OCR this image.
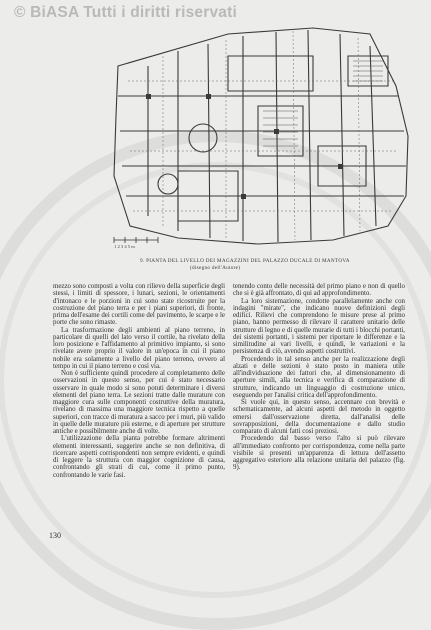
© BiASA Tutti i diritti riservati
1 2 3 4 5 m
9. PIANTA DEL LIVELLO DEI MAGAZZINI DEL PALAZZO DUCALE DI MANTOVA
(disegno dell'Autore)

mezzo sono composti a volta con rilievo della superficie degli stessi, i limiti di spessore, i lunari, sezioni, le orientamenti d'intonaco e le porzioni in cui sono state ricostruite per la costruzione del piano terra e per i piani superiori, di fronte, prima dell'esame dei cortili come del pavimento, le scarpe e le porte che sono rimaste.

La trasformazione degli ambienti al piano terreno, in particolare di quelli del lato verso il cortile, ha rivelato della loro posizione e l'affidamento al primitivo impianto, si sono rivelate avere proprio il valore in un'epoca in cui il piano nobile era solamente a livello del piano terreno, ovvero al tempo in cui il piano terreno e così via.

Non è sufficiente quindi procedere al completamento delle osservazioni in questo senso, per cui è stato necessario osservare in quale modo si sono potuti determinare i diversi elementi del piano terra. Le sezioni tratte dalle murature con maggiore cura sulle componenti costruttive della muratura, rivelano di massima una maggiore tecnica rispetto a quelle superiori, con tracce di muratura a sacco per i muri, più valido in quelle delle murature più esterne, e di aperture per strutture antiche e possibilmente anche di volte.

L'utilizzazione della pianta potrebbe formare altrimenti elementi interessanti, suggerire anche se non definitiva, di ricercare aspetti corrispondenti non sempre evidenti, e quindi di leggere la struttura con maggior cognizione di causa, confrontando gli strati di cui, come il primo punto, confrontando le varie fasi.

tenendo conto delle necessità del primo piano e non di quello che si è già affrontato, di qui ad approfondimento.

La loro sistemazione, condotte parallelamente anche con indagini "mirate", che indicano nuove definizioni degli edifici. Rilievi che comprendono le misure prese al primo piano, hanno permesso di rilevare il carattere unitario delle strutture di legno e di quelle murarie di tutti i blocchi portanti, dei sistemi portanti, i sistemi per riportare le differenze e la similitudine ai vari livelli, e quindi, le variazioni e la persistenza di ciò, avendo aspetti costruttivi.

Procedendo in tal senso anche per la realizzazione degli alzati e delle sezioni è stato posto in maniera utile all'individuazione dei fattori che, al dimensionamento di aperture simili, alla tecnica e verifica di comparazione di strutture, indicando un linguaggio di costruzione unico, eseguendo per l'analisi critica dell'approfondimento.

Si vuole qui, in questo senso, accennare con brevità e schematicamente, ad alcuni aspetti del metodo in oggetto emersi dall'osservazione diretta, dall'analisi delle sovrapposizioni, della documentazione e dallo studio comparato di alcuni fatti così preziosi.

Procedendo dal basso verso l'alto si può rilevare all'immediato confronto per corrispondenza, come nella parte visibile si presenti un'apparenza di lettura dell'assetto aggregativo esteriore alla relazione unitaria del palazzo (fig. 9).

130
